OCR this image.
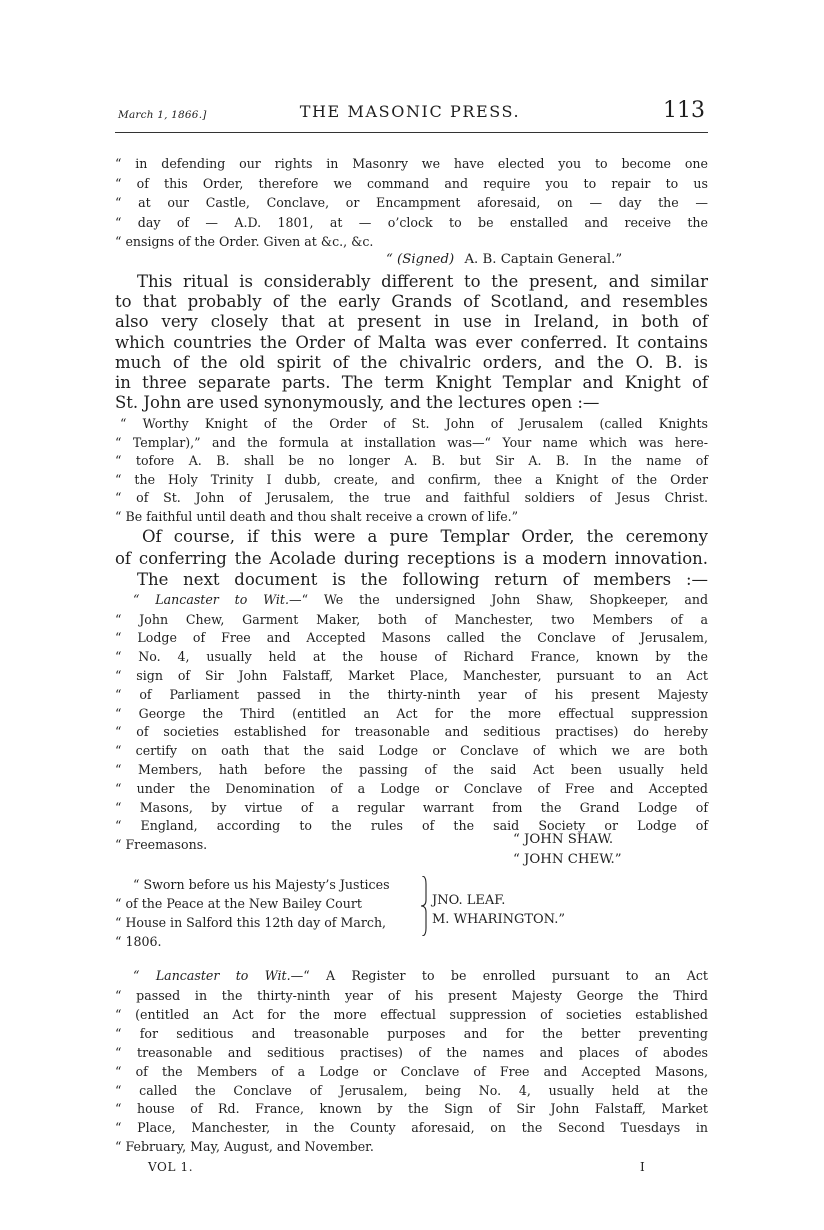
March 1, 1866.]	THE MASONIC PRESS.	113

“ in defending our rights in Masonry we have elected you to become one

“ of this Order, therefore we command and require you to repair to us

“ at our Castle, Conclave, or Encampment aforesaid, on — day the —

“ day of — A.D. 1801, at — o’clock to be enstalled and receive the

“ ensigns of the Order. Given at &c., &c.

“ (Signed) A. B. Captain General.”

This ritual is considerably different to the present, and similar

to that probably of the early Grands of Scotland, and resembles

also very closely that at present in use in Ireland, in both of

which countries the Order of Malta was ever conferred. It contains

much of the old spirit of the chivalric orders, and the O. B. is

in three separate parts. The term Knight Templar and Knight of

St. John are used synonymously, and the lectures open :—

“ Worthy Knight of the Order of St. John of Jerusalem (called Knights

“ Templar),” and the formula at installation was—“ Your name which was here-

“ tofore A. B. shall be no longer A. B. but Sir A. B. In the name of

“ the Holy Trinity I dubb, create, and confirm, thee a Knight of the Order

“ of St. John of Jerusalem, the true and faithful soldiers of Jesus Christ.

“ Be faithful until death and thou shalt receive a crown of life.”

Of course, if this were a pure Templar Order, the ceremony

of conferring the Acolade during receptions is a modern innovation.

The next document is the following return of members :—

“ Lancaster to Wit.—“ We the undersigned John Shaw, Shopkeeper, and

“ John Chew, Garment Maker, both of Manchester, two Members of a

“ Lodge of Free and Accepted Masons called the Conclave of Jerusalem,

“ No. 4, usually held at the house of Richard France, known by the

“ sign of Sir John Falstaff, Market Place, Manchester, pursuant to an Act

“ of Parliament passed in the thirty-ninth year of his present Majesty

“ George the Third (entitled an Act for the more effectual suppression

“ of societies established for treasonable and seditious practises) do hereby

“ certify on oath that the said Lodge or Conclave of which we are both

“ Members, hath before the passing of the said Act been usually held

“ under the Denomination of a Lodge or Conclave of Free and Accepted

“ Masons, by virtue of a regular warrant from the Grand Lodge of

“ England, according to the rules of the said Society or Lodge of

“ Freemasons.	“ JOHN SHAW.
“ JOHN CHEW.”
“ Sworn before us his Majesty’s Justices
“ of the Peace at the New Bailey Court
“ House in Salford this 12th day of March,
“ 1806.
JNO. LEAF.
M. WHARINGTON.”

“ Lancaster to Wit.—“ A Register to be enrolled pursuant to an Act

“ passed in the thirty-ninth year of his present Majesty George the Third

“ (entitled an Act for the more effectual suppression of societies established

“ for seditious and treasonable purposes and for the better preventing

“ treasonable and seditious practises) of the names and places of abodes

“ of the Members of a Lodge or Conclave of Free and Accepted Masons,

“ called the Conclave of Jerusalem, being No. 4, usually held at the

“ house of Rd. France, known by the Sign of Sir John Falstaff, Market

“ Place, Manchester, in the County aforesaid, on the Second Tuesdays in

“ February, May, August, and November.

VOL 1.	I
